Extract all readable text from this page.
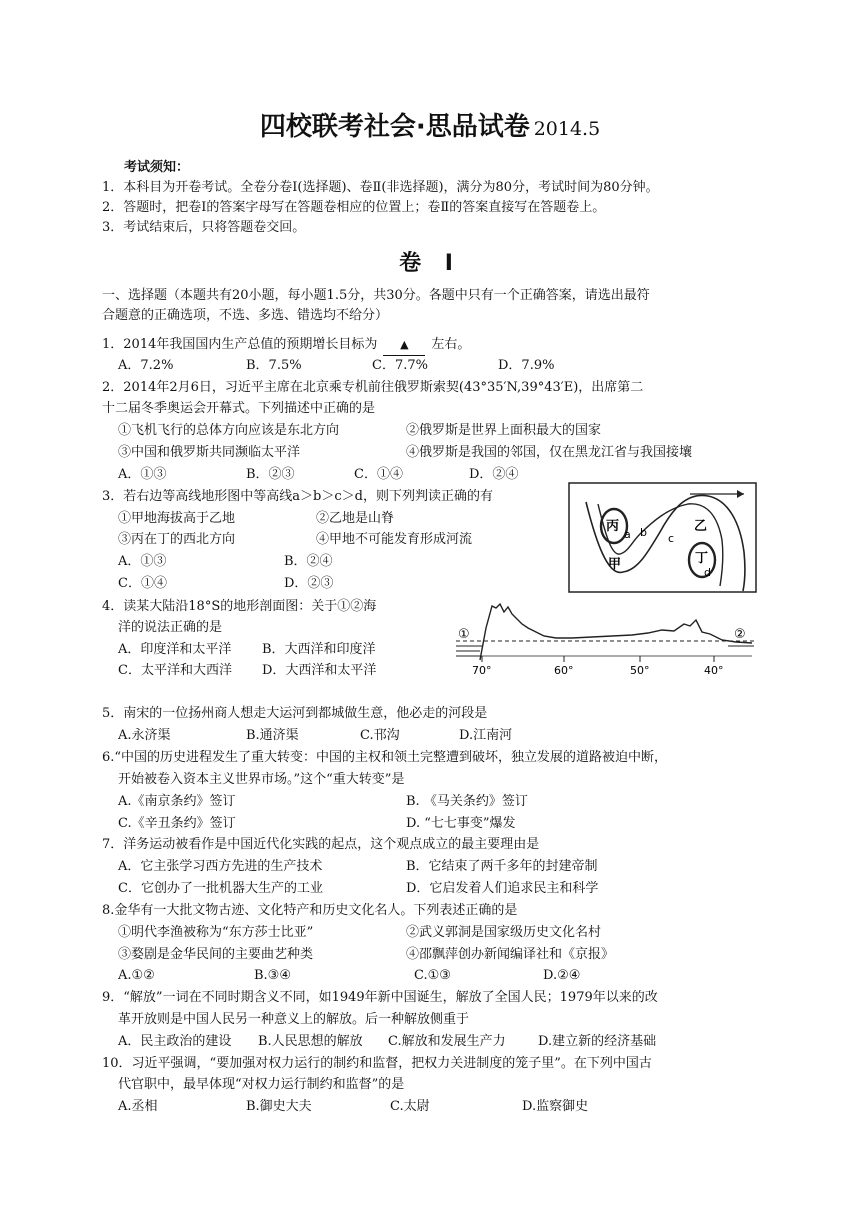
四校联考社会·思品试卷 2014.5
考试须知：
1．本科目为开卷考试。全卷分卷Ⅰ(选择题)、卷Ⅱ(非选择题)，满分为80分，考试时间为80分钟。
2．答题时，把卷Ⅰ的答案字母写在答题卷相应的位置上；卷Ⅱ的答案直接写在答题卷上。
3．考试结束后，只将答题卷交回。
卷 Ⅰ
一、选择题（本题共有20小题，每小题1.5分，共30分。各题中只有一个正确答案，请选出最符
合题意的正确选项，不选、多选、错选均不给分）
1．2014年我国国内生产总值的预期增长目标为 ▲ 左右。
A．7.2%	B．7.5%	C．7.7%	D．7.9%
2．2014年2月6日，习近平主席在北京乘专机前往俄罗斯索契(43°35′N,39°43′E)，出席第二
十二届冬季奥运会开幕式。下列描述中正确的是
①飞机飞行的总体方向应该是东北方向	②俄罗斯是世界上面积最大的国家
③中国和俄罗斯共同濒临太平洋	④俄罗斯是我国的邻国，仅在黑龙江省与我国接壤
A．①③	B．②③	C．①④	D．②④
3．若右边等高线地形图中等高线a＞b＞c＞d，则下列判读正确的有
①甲地海拔高于乙地	②乙地是山脊
③丙在丁的西北方向	④甲地不可能发育形成河流
A．①③	B．②④
C．①④	D．②③
丙
a b	乙
c
甲	丁
d
4．读某大陆沿18°S的地形剖面图：关于①②海
洋的说法正确的是
A．印度洋和太平洋 B．大西洋和印度洋
C．太平洋和大西洋 D．大西洋和太平洋
①	②
70°	60°	50°	40°
5．南宋的一位扬州商人想走大运河到都城做生意，他必走的河段是
A.永济渠	B.通济渠	C.邗沟	D.江南河
6.“中国的历史进程发生了重大转变：中国的主权和领土完整遭到破坏，独立发展的道路被迫中断，
开始被卷入资本主义世界市场。”这个“重大转变”是
A.《南京条约》签订	B. 《马关条约》签订
C.《辛丑条约》签订	D. “七七事变”爆发
7．洋务运动被看作是中国近代化实践的起点，这个观点成立的最主要理由是
A．它主张学习西方先进的生产技术	B．它结束了两千多年的封建帝制
C．它创办了一批机器大生产的工业	D．它启发着人们追求民主和科学
8.金华有一大批文物古迹、文化特产和历史文化名人。下列表述正确的是
①明代李渔被称为“东方莎士比亚”	②武义郭洞是国家级历史文化名村
③婺剧是金华民间的主要曲艺种类	④邵飘萍创办新闻编译社和《京报》
A.①②	B.③④	C.①③	D.②④
9．“解放”一词在不同时期含义不同，如1949年新中国诞生，解放了全国人民；1979年以来的改
革开放则是中国人民另一种意义上的解放。后一种解放侧重于
A．民主政治的建设 B.人民思想的解放 C.解放和发展生产力 D.建立新的经济基础
10．习近平强调，“要加强对权力运行的制约和监督，把权力关进制度的笼子里”。在下列中国古
代官职中，最早体现“对权力运行制约和监督”的是
A.丞相	B.御史大夫	C.太尉	D.监察御史
